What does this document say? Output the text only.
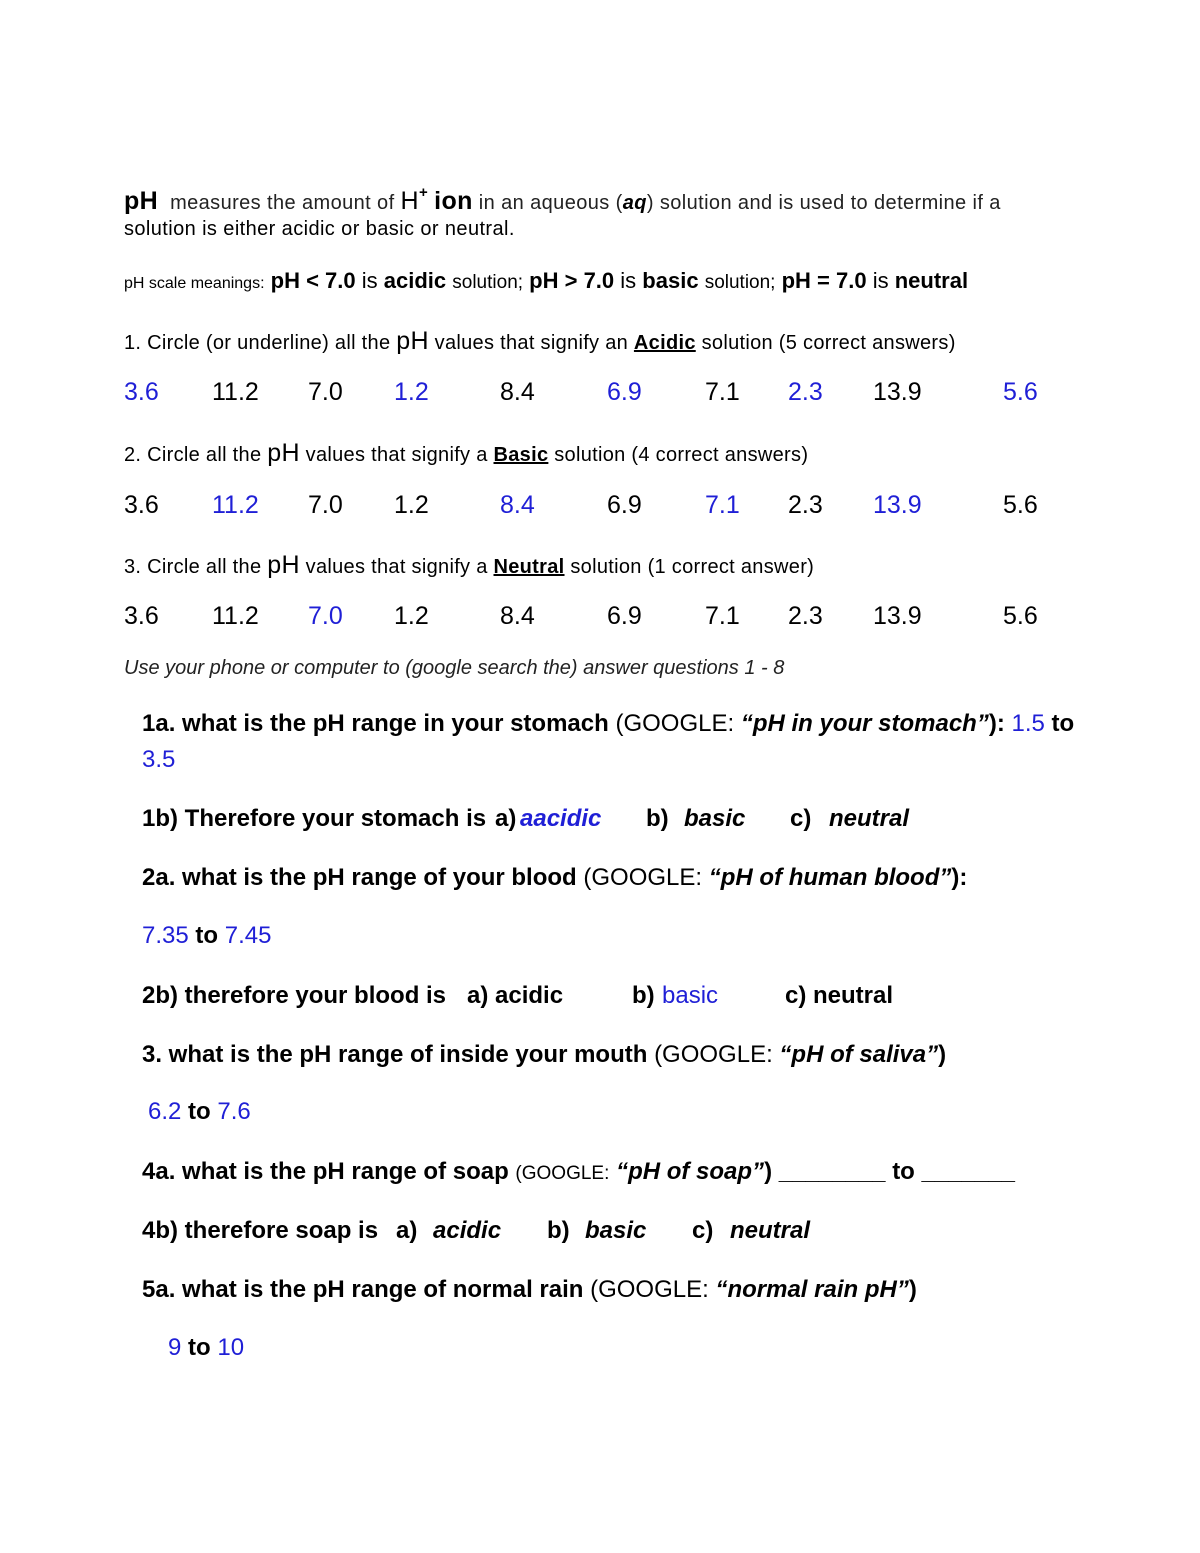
pH measures the amount of H+ ion in an aqueous (aq) solution and is used to determine if a
solution is either acidic or basic or neutral.
pH scale meanings: pH < 7.0 is acidic solution; pH > 7.0 is basic solution; pH = 7.0 is neutral
1. Circle (or underline) all the pH values that signify an Acidic solution (5 correct answers)
3.6 11.2 7.0 1.2	8.4	6.9	7.1 2.3 13.9	5.6
2. Circle all the pH values that signify a Basic solution (4 correct answers)
3.6 11.2 7.0 1.2	8.4	6.9	7.1 2.3 13.9	5.6
3. Circle all the pH values that signify a Neutral solution (1 correct answer)
3.6 11.2 7.0 1.2	8.4	6.9	7.1 2.3 13.9	5.6
Use your phone or computer to (google search the) answer questions 1 - 8
1a. what is the pH range in your stomach (GOOGLE: “pH in your stomach”): 1.5 to
3.5
1b) Therefore your stomach is a) aacidic b) basic c) neutral
2a. what is the pH range of your blood (GOOGLE: “pH of human blood”):
7.35 to 7.45
2b) therefore your blood is a) acidic	b) basic	c) neutral
3. what is the pH range of inside your mouth (GOOGLE: “pH of saliva”)
6.2 to 7.6
4a. what is the pH range of soap (GOOGLE: “pH of soap”) ________ to _______
4b) therefore soap is a) acidic b) basic c) neutral
5a. what is the pH range of normal rain (GOOGLE: “normal rain pH”)
9 to 10
